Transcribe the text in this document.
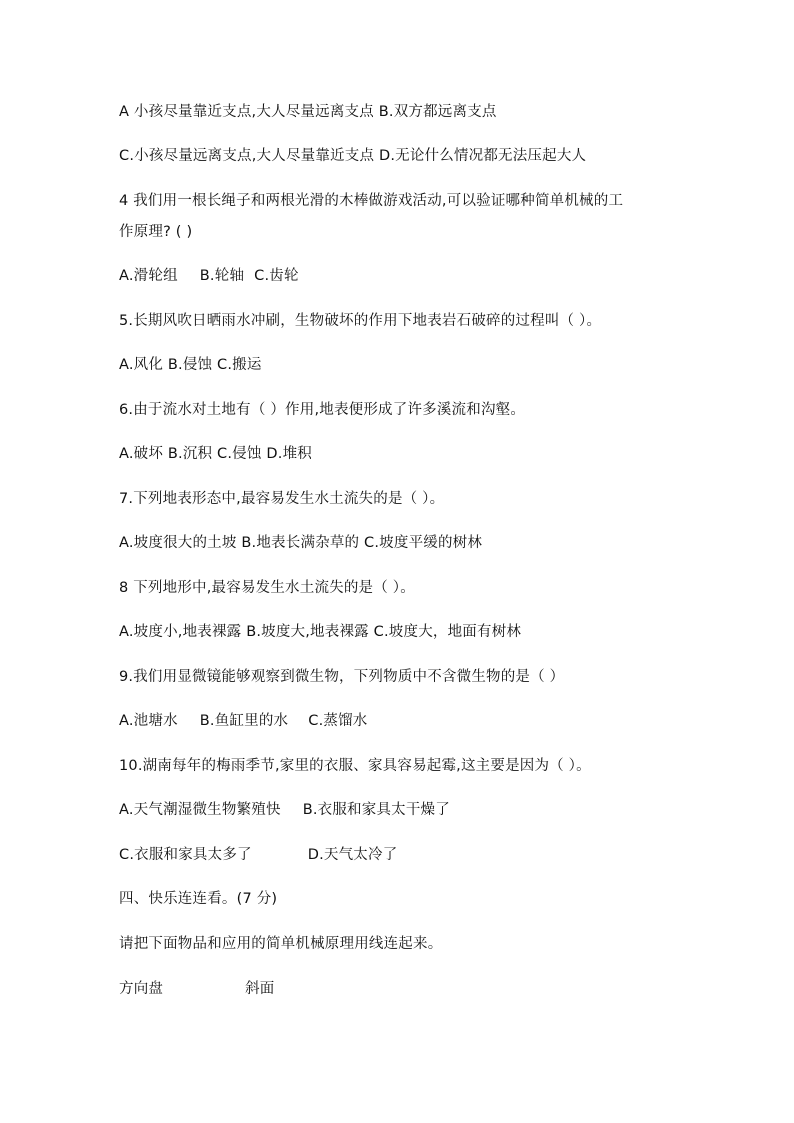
A 小孩尽量靠近支点,大人尽量远离支点 B.双方都远离支点
C.小孩尽量远离支点,大人尽量靠近支点 D.无论什么情况都无法压起大人
4 我们用一根长绳子和两根光滑的木棒做游戏活动,可以验证哪种简单机械的工
作原理? ( )
A.滑轮组 B.轮轴 C.齿轮
5.长期风吹日晒雨水冲刷，生物破坏的作用下地表岩石破碎的过程叫（ ）。
A.风化 B.侵蚀 C.搬运
6.由于流水对土地有（ ）作用,地表便形成了许多溪流和沟壑。
A.破坏 B.沉积 C.侵蚀 D.堆积
7.下列地表形态中,最容易发生水土流失的是（ ）。
A.坡度很大的土坡 B.地表长满杂草的 C.坡度平缓的树林
8 下列地形中,最容易发生水土流失的是（ ）。
A.坡度小,地表裸露 B.坡度大,地表裸露 C.坡度大，地面有树林
9.我们用显微镜能够观察到微生物，下列物质中不含微生物的是（ ）
A.池塘水 B.鱼缸里的水 C.蒸馏水
10.湖南每年的梅雨季节,家里的衣服、家具容易起霉,这主要是因为（ ）。
A.天气潮湿微生物繁殖快 B.衣服和家具太干燥了
C.衣服和家具太多了	D.天气太冷了
四、快乐连连看。(7 分)
请把下面物品和应用的简单机械原理用线连起来。
方向盘	斜面
